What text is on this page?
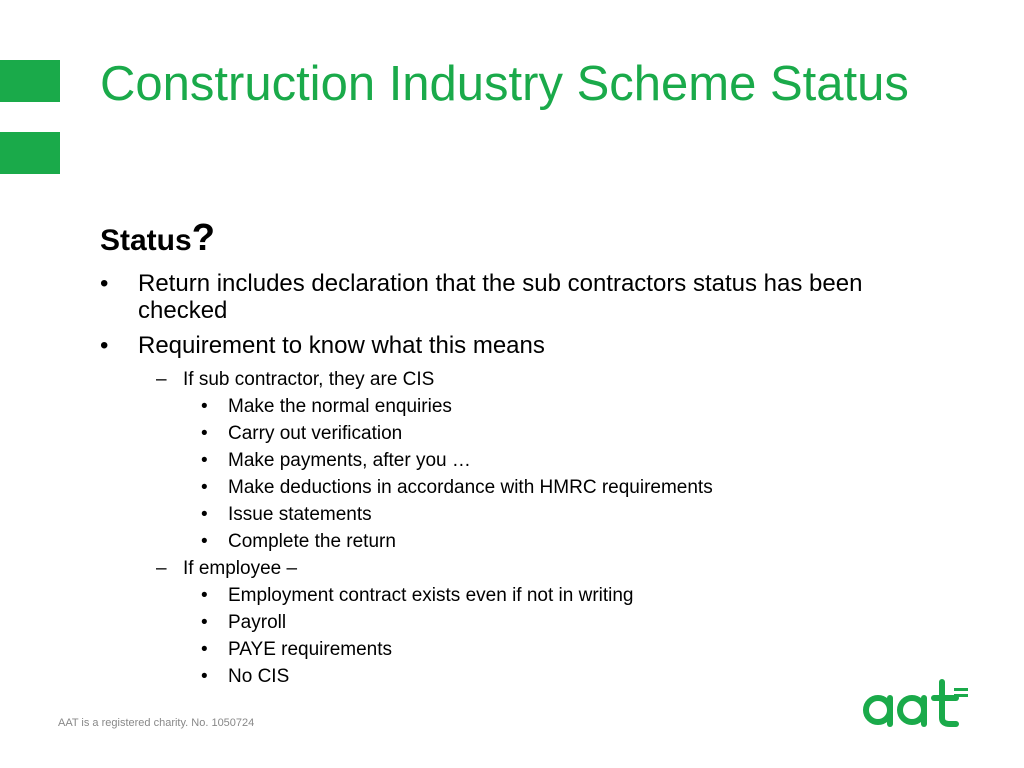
Construction Industry Scheme Status
Status?
• Return includes declaration that the sub contractors status has been checked
• Requirement to know what this means
– If sub contractor, they are CIS
• Make the normal enquiries
• Carry out verification
• Make payments, after you …
• Make deductions in accordance with HMRC requirements
• Issue statements
• Complete the return
– If employee –
• Employment contract exists even if not in writing
• Payroll
• PAYE requirements
• No CIS
AAT is a registered charity. No. 1050724
